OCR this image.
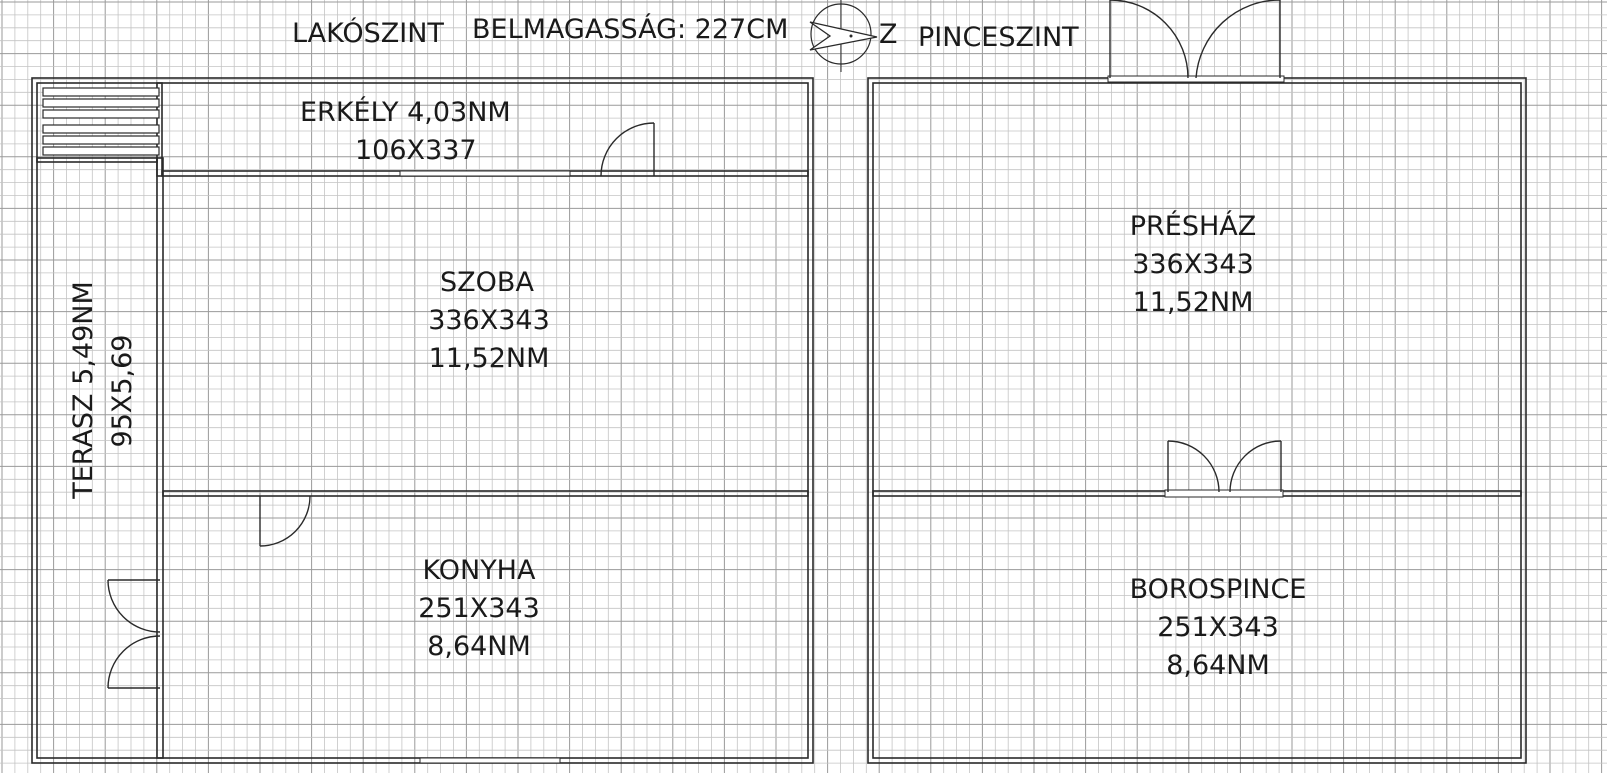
Z
LAKÓSZINT BELMAGASSÁG: 227CM	PINCESZINT
ERKÉLY 4,03NM
106X337
SZOBA
336X343
11,52NM
KONYHA
251X343
8,64NM
TERASZ 5,49NM 95X5,69
PRÉSHÁZ
336X343
11,52NM
BOROSPINCE
251X343
8,64NM
